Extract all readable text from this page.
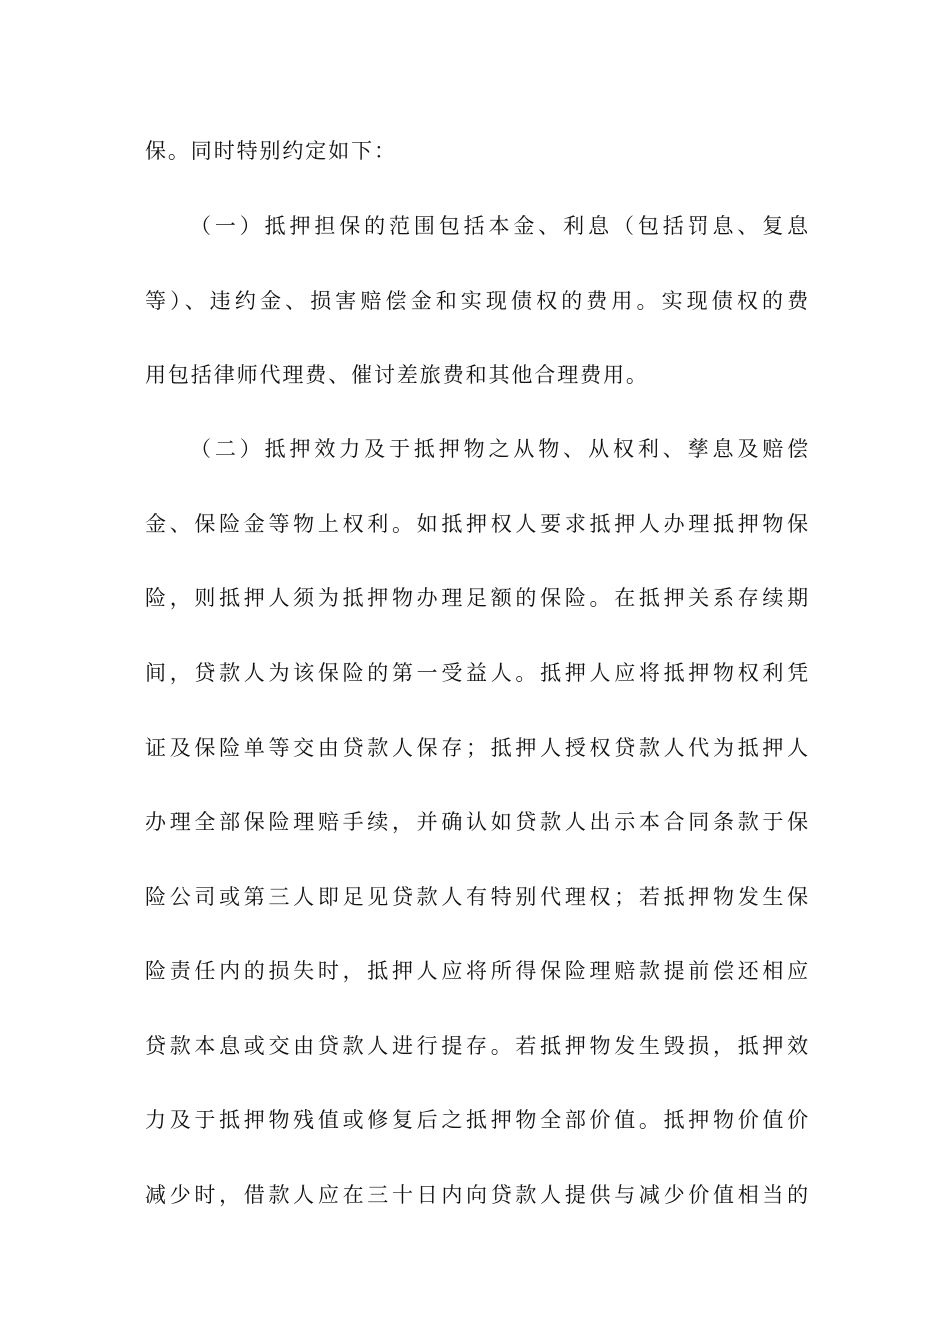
保。同时特别约定如下：
（一）抵押担保的范围包括本金、利息（包括罚息、复息
等）、违约金、损害赔偿金和实现债权的费用。实现债权的费
用包括律师代理费、催讨差旅费和其他合理费用。
（二）抵押效力及于抵押物之从物、从权利、孳息及赔偿
金、保险金等物上权利。如抵押权人要求抵押人办理抵押物保
险，则抵押人须为抵押物办理足额的保险。在抵押关系存续期
间，贷款人为该保险的第一受益人。抵押人应将抵押物权利凭
证及保险单等交由贷款人保存；抵押人授权贷款人代为抵押人
办理全部保险理赔手续，并确认如贷款人出示本合同条款于保
险公司或第三人即足见贷款人有特别代理权；若抵押物发生保
险责任内的损失时，抵押人应将所得保险理赔款提前偿还相应
贷款本息或交由贷款人进行提存。若抵押物发生毁损，抵押效
力及于抵押物残值或修复后之抵押物全部价值。抵押物价值价
减少时，借款人应在三十日内向贷款人提供与减少价值相当的
